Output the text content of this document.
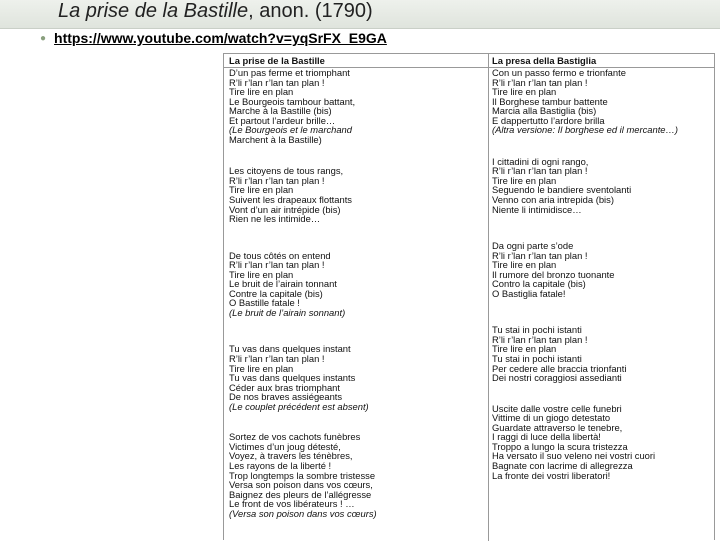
La prise de la Bastille, anon. (1790)
● https://www.youtube.com/watch?v=yqSrFX_E9GA
La prise de la Bastille
D’un pas ferme et triomphant
R’li r’lan r’lan tan plan !
Tire lire en plan
Le Bourgeois tambour battant,
Marche à la Bastille (bis)
Et partout l’ardeur brille…
(Le Bourgeois et le marchand
Marchent à la Bastille)
Les citoyens de tous rangs,
R’li r’lan r’lan tan plan !
Tire lire en plan
Suivent les drapeaux flottants
Vont d’un air intrépide (bis)
Rien ne les intimide…
De tous côtés on entend
R’li r’lan r’lan tan plan !
Tire lire en plan
Le bruit de l’airain tonnant
Contre la capitale (bis)
O Bastille fatale !
(Le bruit de l’airain sonnant)
Tu vas dans quelques instant
R’li r’lan r’lan tan plan !
Tire lire en plan
Tu vas dans quelques instants
Céder aux bras triomphant
De nos braves assiégeants
(Le couplet précédent est absent)
Sortez de vos cachots funèbres
Victimes d’un joug détesté,
Voyez, à travers les ténèbres,
Les rayons de la liberté !
Trop longtemps la sombre tristesse
Versa son poison dans vos cœurs,
Baignez des pleurs de l’allégresse
Le front de vos libérateurs ! …
(Versa son poison dans vos cœurs)
La presa della Bastiglia
Con un passo fermo e trionfante
R’li r’lan r’lan tan plan !
Tire lire en plan
Il Borghese tambur battente
Marcia alla Bastiglia (bis)
E dappertutto l’ardore brilla
(Altra versione: Il borghese ed il mercante…)
I cittadini di ogni rango,
R’li r’lan r’lan tan plan !
Tire lire en plan
Seguendo le bandiere sventolanti
Venno con aria intrepida (bis)
Niente li intimidisce…
Da ogni parte s’ode
R’li r’lan r’lan tan plan !
Tire lire en plan
Il rumore del bronzo tuonante
Contro la capitale (bis)
O Bastiglia fatale!
Tu stai in pochi istanti
R’li r’lan r’lan tan plan !
Tire lire en plan
Tu stai in pochi istanti
Per cedere alle braccia trionfanti
Dei nostri coraggiosi assedianti
Uscite dalle vostre celle funebri
Vittime di un giogo detestato
Guardate attraverso le tenebre,
I raggi di luce della libertà!
Troppo a lungo la scura tristezza
Ha versato il suo veleno nei vostri cuori
Bagnate con lacrime di allegrezza
La fronte dei vostri liberatori!
